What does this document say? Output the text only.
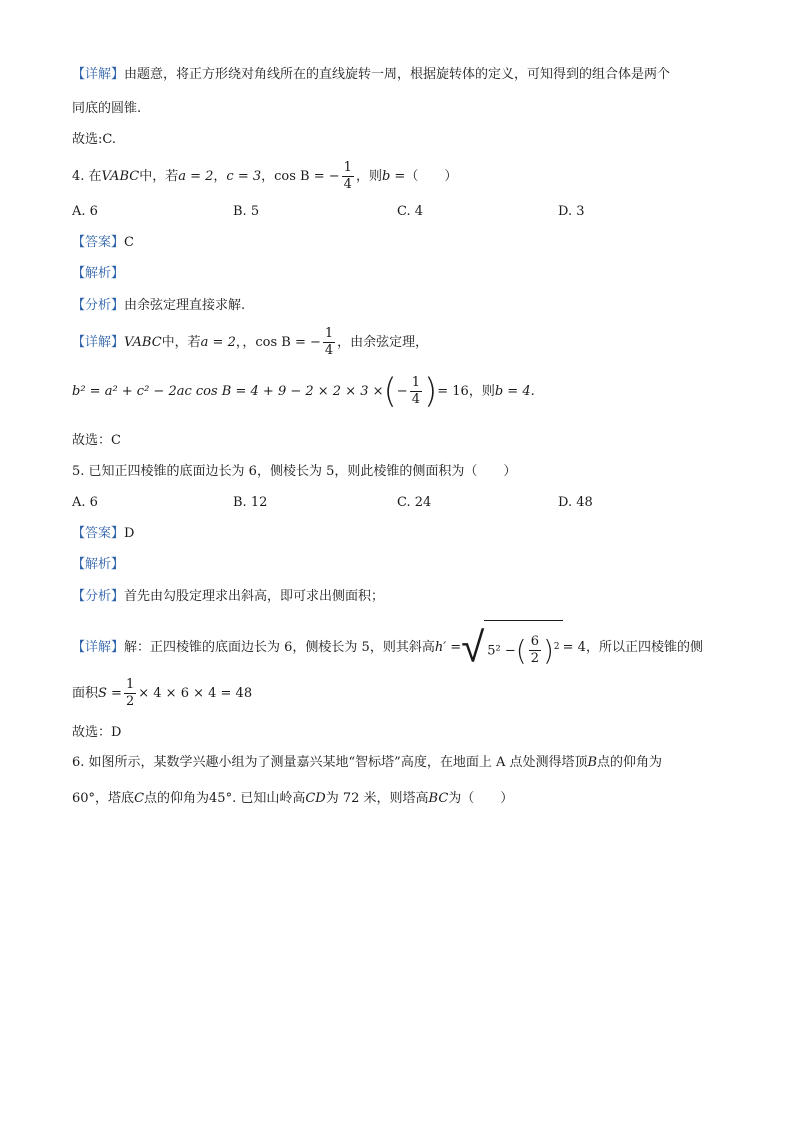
【详解】由题意，将正方形绕对角线所在的直线旋转一周，根据旋转体的定义，可知得到的组合体是两个
同底的圆锥.
故选:C.
4. 在VABC中，若a = 2，c = 3，cos B = − $\frac{1}{4}$ ，则b =（　　）
A. 6	B. 5	C. 4	D. 3
【答案】C
【解析】
【分析】由余弦定理直接求解.
【详解】VABC中，若a = 2，，cos B = − $\frac{1}{4}$ ，由余弦定理，
b² = a² + c² − 2ac cos B = 4 + 9 − 2 × 2 × 3 ×(− $\frac{1}{4}$ )= 16，则b = 4.
故选：C
5. 已知正四棱锥的底面边长为 6，侧棱长为 5，则此棱锥的侧面积为（　　）
A. 6	B. 12	C. 24	D. 48
【答案】D
【解析】
【分析】首先由勾股定理求出斜高，即可求出侧面积；
【详解】解：正四棱锥的底面边长为 6，侧棱长为 5，则其斜高h′ =√ 5² −( $\frac{6}{2} )^2 = 4$，所以正四棱锥的侧
面积$S = \frac{1}{2} \times 4 \times 6 \times 4 = 48$
故选：D
6. 如图所示，某数学兴趣小组为了测量嘉兴某地“智标塔”高度，在地面上 A 点处测得塔顶B点的仰角为
60°，塔底C点的仰角为45°. 已知山岭高CD为 72 米，则塔高BC为（　　）
